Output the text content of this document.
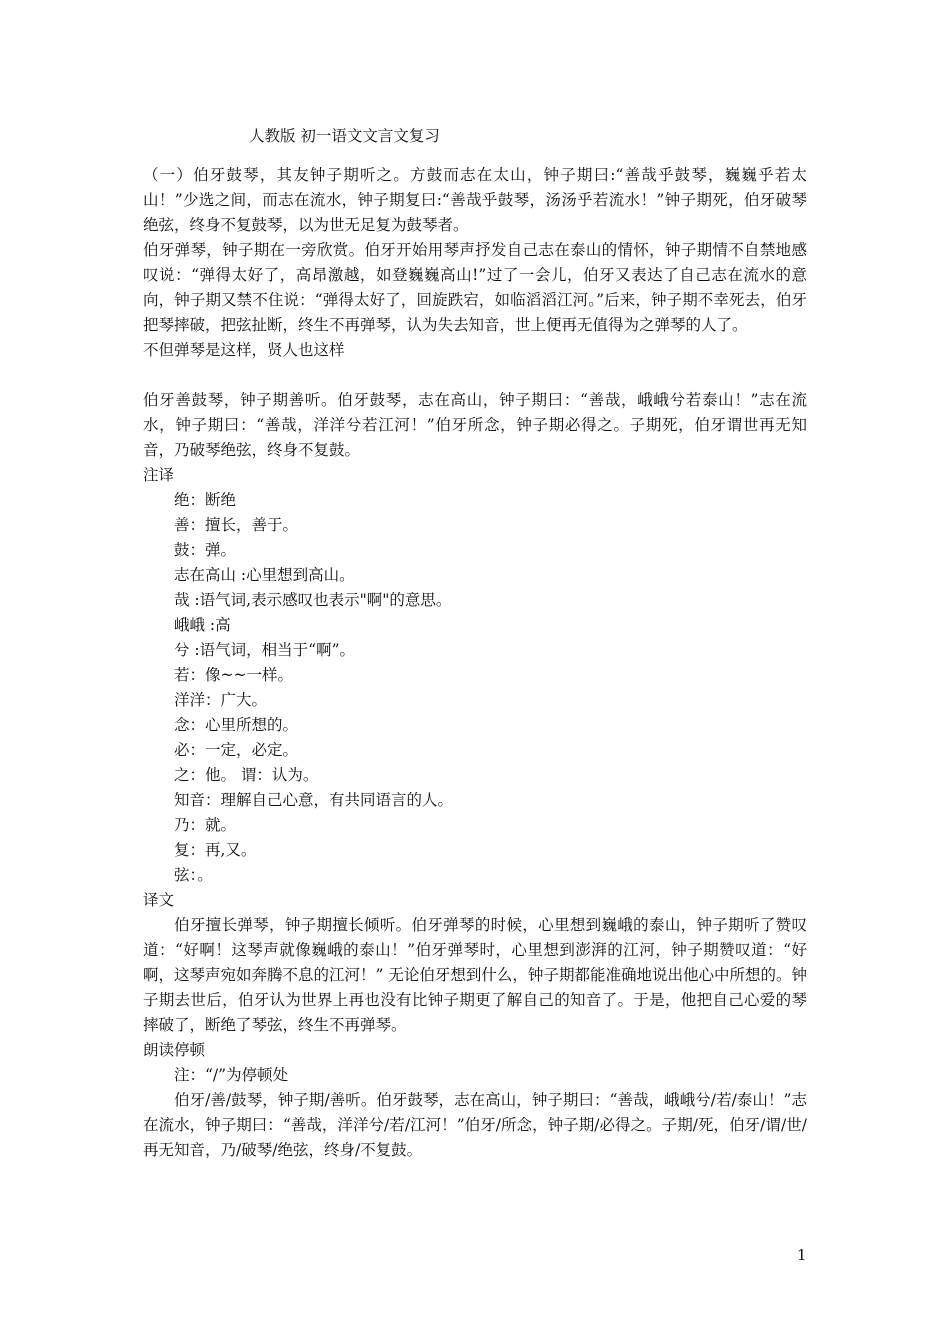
人教版 初一语文文言文复习

（一）伯牙鼓琴，其友钟子期听之。方鼓而志在太山，钟子期曰:“善哉乎鼓琴，巍巍乎若太山！”少选之间，而志在流水，钟子期复曰:“善哉乎鼓琴，汤汤乎若流水！”钟子期死，伯牙破琴绝弦，终身不复鼓琴，以为世无足复为鼓琴者。

伯牙弹琴，钟子期在一旁欣赏。伯牙开始用琴声抒发自己志在泰山的情怀，钟子期情不自禁地感叹说：“弹得太好了，高昂激越，如登巍巍高山!”过了一会儿，伯牙又表达了自己志在流水的意向，钟子期又禁不住说：“弹得太好了，回旋跌宕，如临滔滔江河。”后来，钟子期不幸死去，伯牙把琴摔破，把弦扯断，终生不再弹琴，认为失去知音，世上便再无值得为之弹琴的人了。

不但弹琴是这样，贤人也这样

伯牙善鼓琴，钟子期善听。伯牙鼓琴，志在高山，钟子期曰：“善哉，峨峨兮若泰山！”志在流水，钟子期曰：“善哉，洋洋兮若江河！”伯牙所念，钟子期必得之。子期死，伯牙谓世再无知音，乃破琴绝弦，终身不复鼓。

注译

绝：断绝

善：擅长，善于。

鼓：弹。

志在高山 :心里想到高山。

哉 :语气词,表示感叹也表示"啊"的意思。

峨峨 :高

兮 :语气词，相当于“啊”。

若：像~~一样。

洋洋：广大。

念：心里所想的。

必：一定，必定。

之：他。 谓：认为。

知音：理解自己心意，有共同语言的人。

乃：就。

复：再,又。

弦：。

译文

伯牙擅长弹琴，钟子期擅长倾听。伯牙弹琴的时候，心里想到巍峨的泰山，钟子期听了赞叹道：“好啊！这琴声就像巍峨的泰山！”伯牙弹琴时，心里想到澎湃的江河，钟子期赞叹道：“好啊，这琴声宛如奔腾不息的江河！” 无论伯牙想到什么，钟子期都能准确地说出他心中所想的。钟子期去世后，伯牙认为世界上再也没有比钟子期更了解自己的知音了。于是，他把自己心爱的琴摔破了，断绝了琴弦，终生不再弹琴。

朗读停顿

注：“/”为停顿处

伯牙/善/鼓琴，钟子期/善听。伯牙鼓琴，志在高山，钟子期曰：“善哉，峨峨兮/若/泰山！”志在流水，钟子期曰：“善哉，洋洋兮/若/江河！”伯牙/所念，钟子期/必得之。子期/死，伯牙/谓/世/再无知音，乃/破琴/绝弦，终身/不复鼓。

1
